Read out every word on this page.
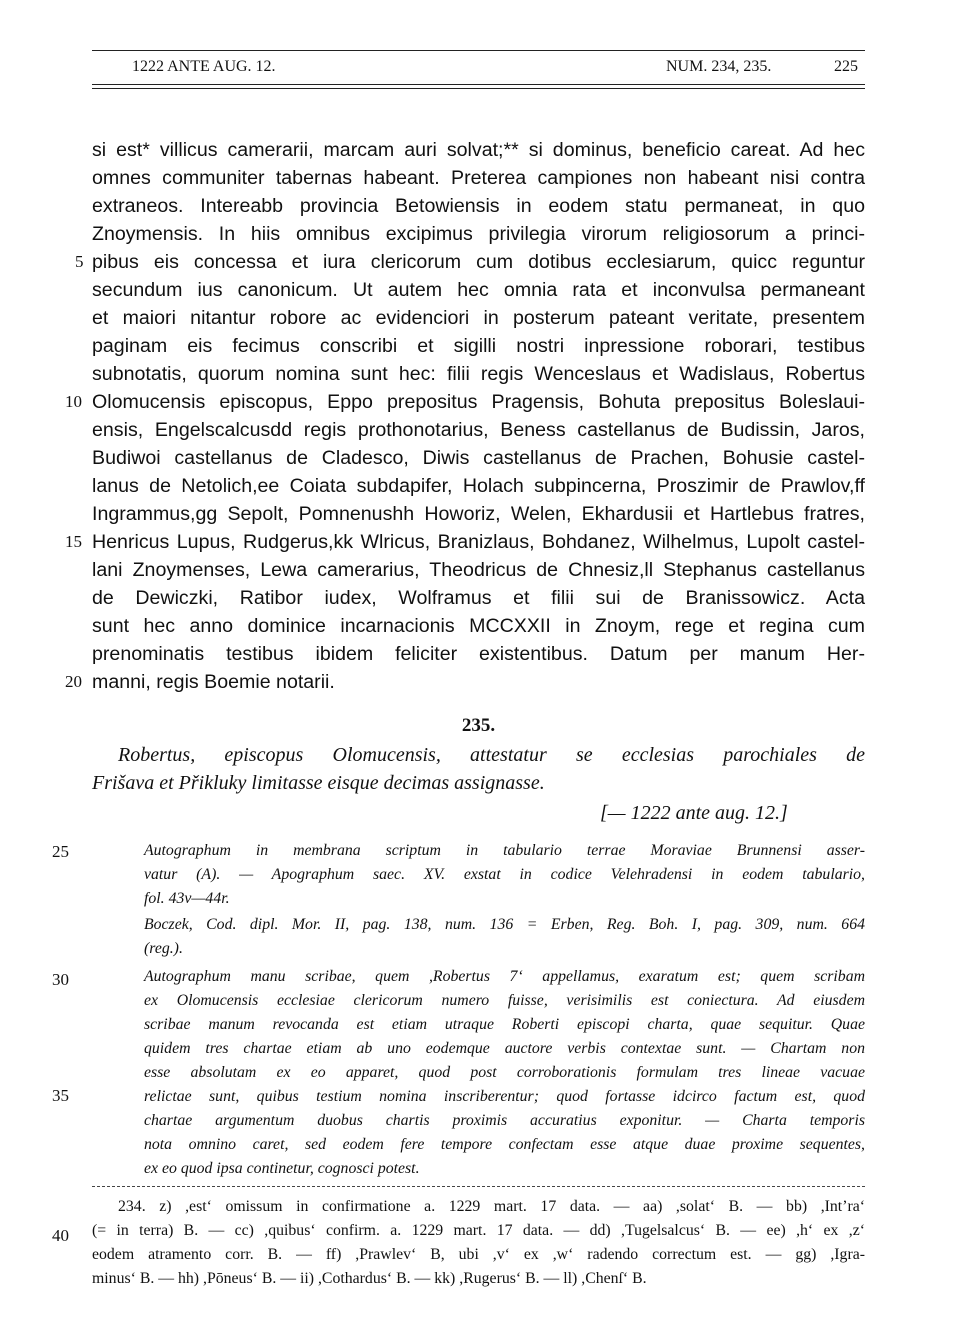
1222 ANTE AUG. 12.	NUM. 234, 235.	225
si est* villicus camerarii, marcam auri solvat;** si dominus, beneficio careat. Ad hec
omnes communiter tabernas habeant. Preterea campiones non habeant nisi contra
extraneos. Intereabb provincia Betowiensis in eodem statu permaneat, in quo
Znoymensis. In hiis omnibus excipimus privilegia virorum religiosorum a princi-
pibus eis concessa et iura clericorum cum dotibus ecclesiarum, quicc reguntur
secundum ius canonicum. Ut autem hec omnia rata et inconvulsa permaneant
et maiori nitantur robore ac evidenciori in posterum pateant veritate, presentem
paginam eis fecimus conscribi et sigilli nostri inpressione roborari, testibus
subnotatis, quorum nomina sunt hec: filii regis Wenceslaus et Wadislaus, Robertus
Olomucensis episcopus, Eppo prepositus Pragensis, Bohuta prepositus Boleslaui-
ensis, Engelscalcusdd regis prothonotarius, Beness castellanus de Budissin, Jaros,
Budiwoi castellanus de Cladesco, Diwis castellanus de Prachen, Bohusie castel-
lanus de Netolich,ee Coiata subdapifer, Holach subpincerna, Proszimir de Prawlov,ff
Ingrammus,gg Sepolt, Pomnenushh Howoriz, Welen, Ekhardusii et Hartlebus fratres,
Henricus Lupus, Rudgerus,kk Wlricus, Branizlaus, Bohdanez, Wilhelmus, Lupolt castel-
lani Znoymenses, Lewa camerarius, Theodricus de Chnesiz,ll Stephanus castellanus
de Dewiczki, Ratibor iudex, Wolframus et filii sui de Branissowicz. Acta
sunt hec anno dominice incarnacionis MCCXXII in Znoym, rege et regina cum
prenominatis testibus ibidem feliciter existentibus. Datum per manum Her-
manni, regis Boemie notarii.
5
10
15
20
25
30
35
40
235.
Robertus, episcopus Olomucensis, attestatur se ecclesias parochiales de
Frišava et Přikluky limitasse eisque decimas assignasse.
[— 1222 ante aug. 12.]
Autographum in membrana scriptum in tabulario terrae Moraviae Brunnensi asser-
vatur (A). — Apographum saec. XV. exstat in codice Velehradensi in eodem tabulario,
fol. 43v—44r.
Boczek, Cod. dipl. Mor. II, pag. 138, num. 136 = Erben, Reg. Boh. I, pag. 309, num. 664
(reg.).
Autographum manu scribae, quem ,Robertus 7‘ appellamus, exaratum est; quem scribam
ex Olomucensis ecclesiae clericorum numero fuisse, verisimilis est coniectura. Ad eiusdem
scribae manum revocanda est etiam utraque Roberti episcopi charta, quae sequitur. Quae
quidem tres chartae etiam ab uno eodemque auctore verbis contextae sunt. — Chartam non
esse absolutam ex eo apparet, quod post corroborationis formulam tres lineae vacuae
relictae sunt, quibus testium nomina inscriberentur; quod fortasse idcirco factum est, quod
chartae argumentum duobus chartis proximis accuratius exponitur. — Charta temporis
nota omnino caret, sed eodem fere tempore confectam esse atque duae proxime sequentes,
ex eo quod ipsa continetur, cognosci potest.
234. z) ,est‘ omissum in confirmatione a. 1229 mart. 17 data. — aa) ,solat‘ B. — bb) ,Int’ra‘
(= in terra) B. — cc) ,quibus‘ confirm. a. 1229 mart. 17 data. — dd) ,Tugelsalcus‘ B. — ee) ,h‘ ex ,z‘
eodem atramento corr. B. — ff) ,Prawlev‘ B, ubi ,v‘ ex ,w‘ radendo correctum est. — gg) ,Igra-
minus‘ B. — hh) ,Pōneus‘ B. — ii) ,Cothardus‘ B. — kk) ,Rugerus‘ B. — ll) ,Chenſ‘ B.
